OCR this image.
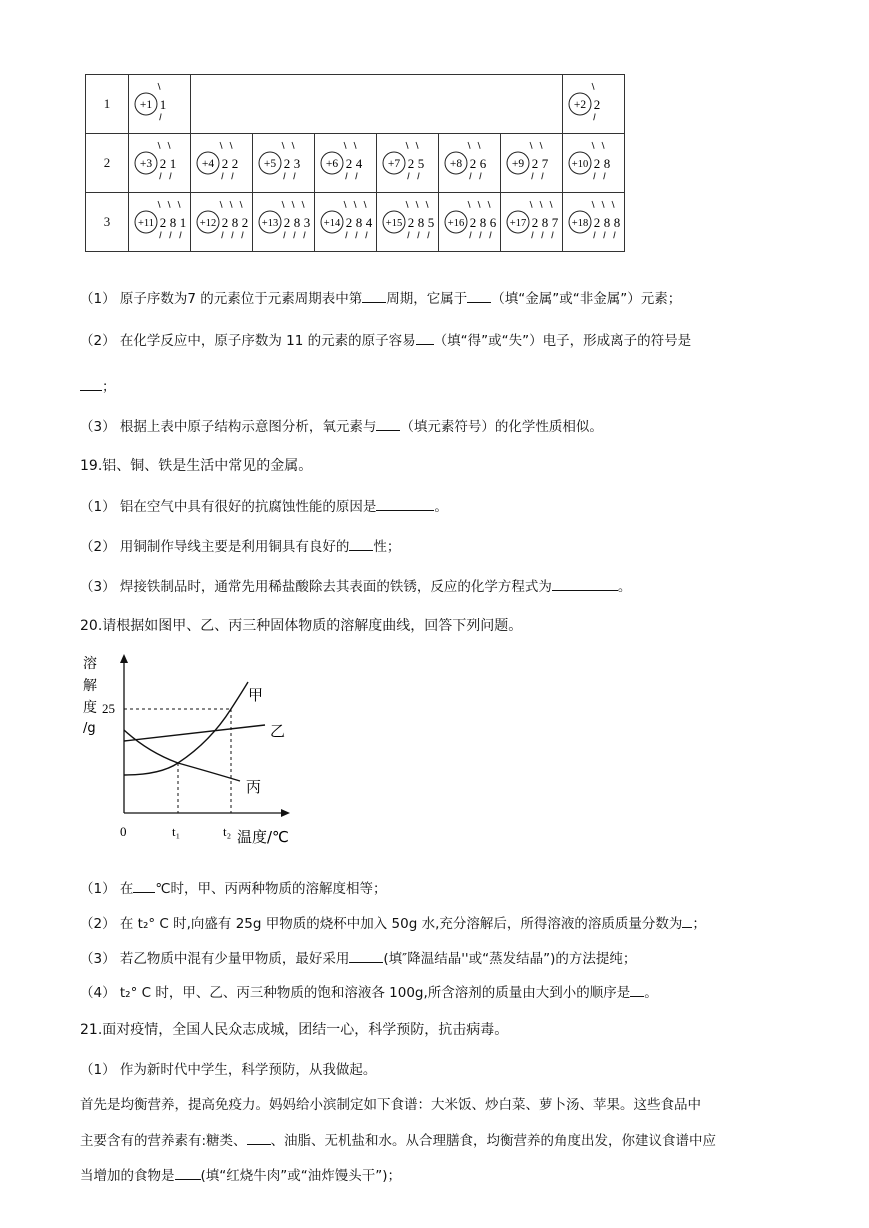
1	+1 1							+2 2

2	+3 2 1	+4 2 2	+5 2 3	+6 2 4	+7 2 5	+8 2 6	+9 2 7	+10 2 8

3	+11 2 8 1	+12 2 8 2	+13 2 8 3	+14 2 8 4	+15 2 8 5	+16 2 8 6	+17 2 8 7	+18 2 8 8
（1） 原子序数为7 的元素位于元素周期表中第 周期，它属于 （填“金属”或“非金属”）元素；
（2） 在化学反应中，原子序数为 11 的元素的原子容易 （填“得”或“失”）电子，形成离子的符号是
；
（3） 根据上表中原子结构示意图分析，氧元素与 （填元素符号）的化学性质相似。
19.铝、铜、铁是生活中常见的金属。
（1） 铝在空气中具有很好的抗腐蚀性能的原因是	。
（2） 用铜制作导线主要是利用铜具有良好的 性；
（3） 焊接铁制品时，通常先用稀盐酸除去其表面的铁锈，反应的化学方程式为	。
20.请根据如图甲、乙、丙三种固体物质的溶解度曲线，回答下列问题。
溶
解
度
/g
25
0	t₁	t₂ 温度/℃
甲
乙
丙
（1） 在 ℃时，甲、丙两种物质的溶解度相等；
（2） 在 t₂° C 时,向盛有 25g 甲物质的烧杯中加入 50g 水,充分溶解后，所得溶液的溶质质量分数为 ；
（3） 若乙物质中混有少量甲物质，最好采用	(填″降温结晶''或“蒸发结晶”)的方法提纯；
（4） t₂° C 时，甲、乙、丙三种物质的饱和溶液各 100g,所含溶剂的质量由大到小的顺序是 。
21.面对疫情，全国人民众志成城，团结一心，科学预防，抗击病毒。
（1） 作为新时代中学生，科学预防，从我做起。
首先是均衡营养，提高免疫力。妈妈给小滨制定如下食谱：大米饭、炒白菜、萝卜汤、苹果。这些食品中
主要含有的营养素有:糖类、 、油脂、无机盐和水。从合理膳食，均衡营养的角度出发，你建议食谱中应
当增加的食物是 (填“红烧牛肉”或“油炸馒头干”)；
